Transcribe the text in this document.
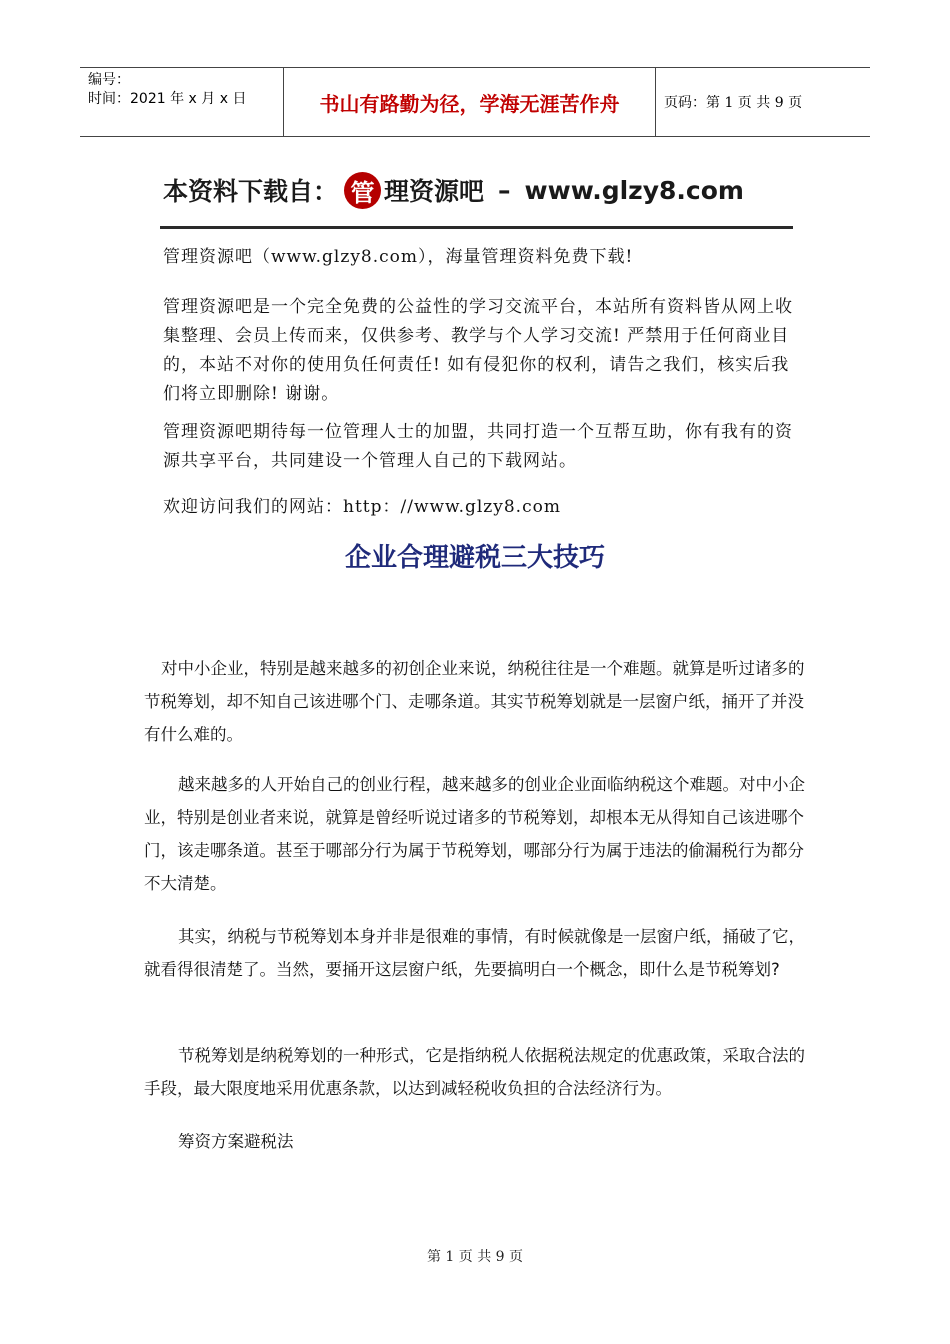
编号：
时间：2021 年 x 月 x 日	书山有路勤为径，学海无涯苦作舟	页码：第 1 页 共 9 页
本资料下载自： 管 理资源吧 – www.glzy8.com
管理资源吧（www.glzy8.com），海量管理资料免费下载!
管理资源吧是一个完全免费的公益性的学习交流平台，本站所有资料皆从网上收集整理、会员上传而来，仅供参考、教学与个人学习交流! 严禁用于任何商业目的，本站不对你的使用负任何责任! 如有侵犯你的权利，请告之我们，核实后我们将立即删除! 谢谢。
管理资源吧期待每一位管理人士的加盟，共同打造一个互帮互助，你有我有的资源共享平台，共同建设一个管理人自己的下载网站。
欢迎访问我们的网站：http：//www.glzy8.com
企业合理避税三大技巧
对中小企业，特别是越来越多的初创企业来说，纳税往往是一个难题。就算是听过诸多的节税筹划，却不知自己该进哪个门、走哪条道。其实节税筹划就是一层窗户纸，捅开了并没有什么难的。
越来越多的人开始自己的创业行程，越来越多的创业企业面临纳税这个难题。对中小企业，特别是创业者来说，就算是曾经听说过诸多的节税筹划，却根本无从得知自己该进哪个门，该走哪条道。甚至于哪部分行为属于节税筹划，哪部分行为属于违法的偷漏税行为都分不大清楚。
其实，纳税与节税筹划本身并非是很难的事情，有时候就像是一层窗户纸，捅破了它，就看得很清楚了。当然，要捅开这层窗户纸，先要搞明白一个概念，即什么是节税筹划?
节税筹划是纳税筹划的一种形式，它是指纳税人依据税法规定的优惠政策，采取合法的手段，最大限度地采用优惠条款，以达到减轻税收负担的合法经济行为。
筹资方案避税法
第 1 页 共 9 页
